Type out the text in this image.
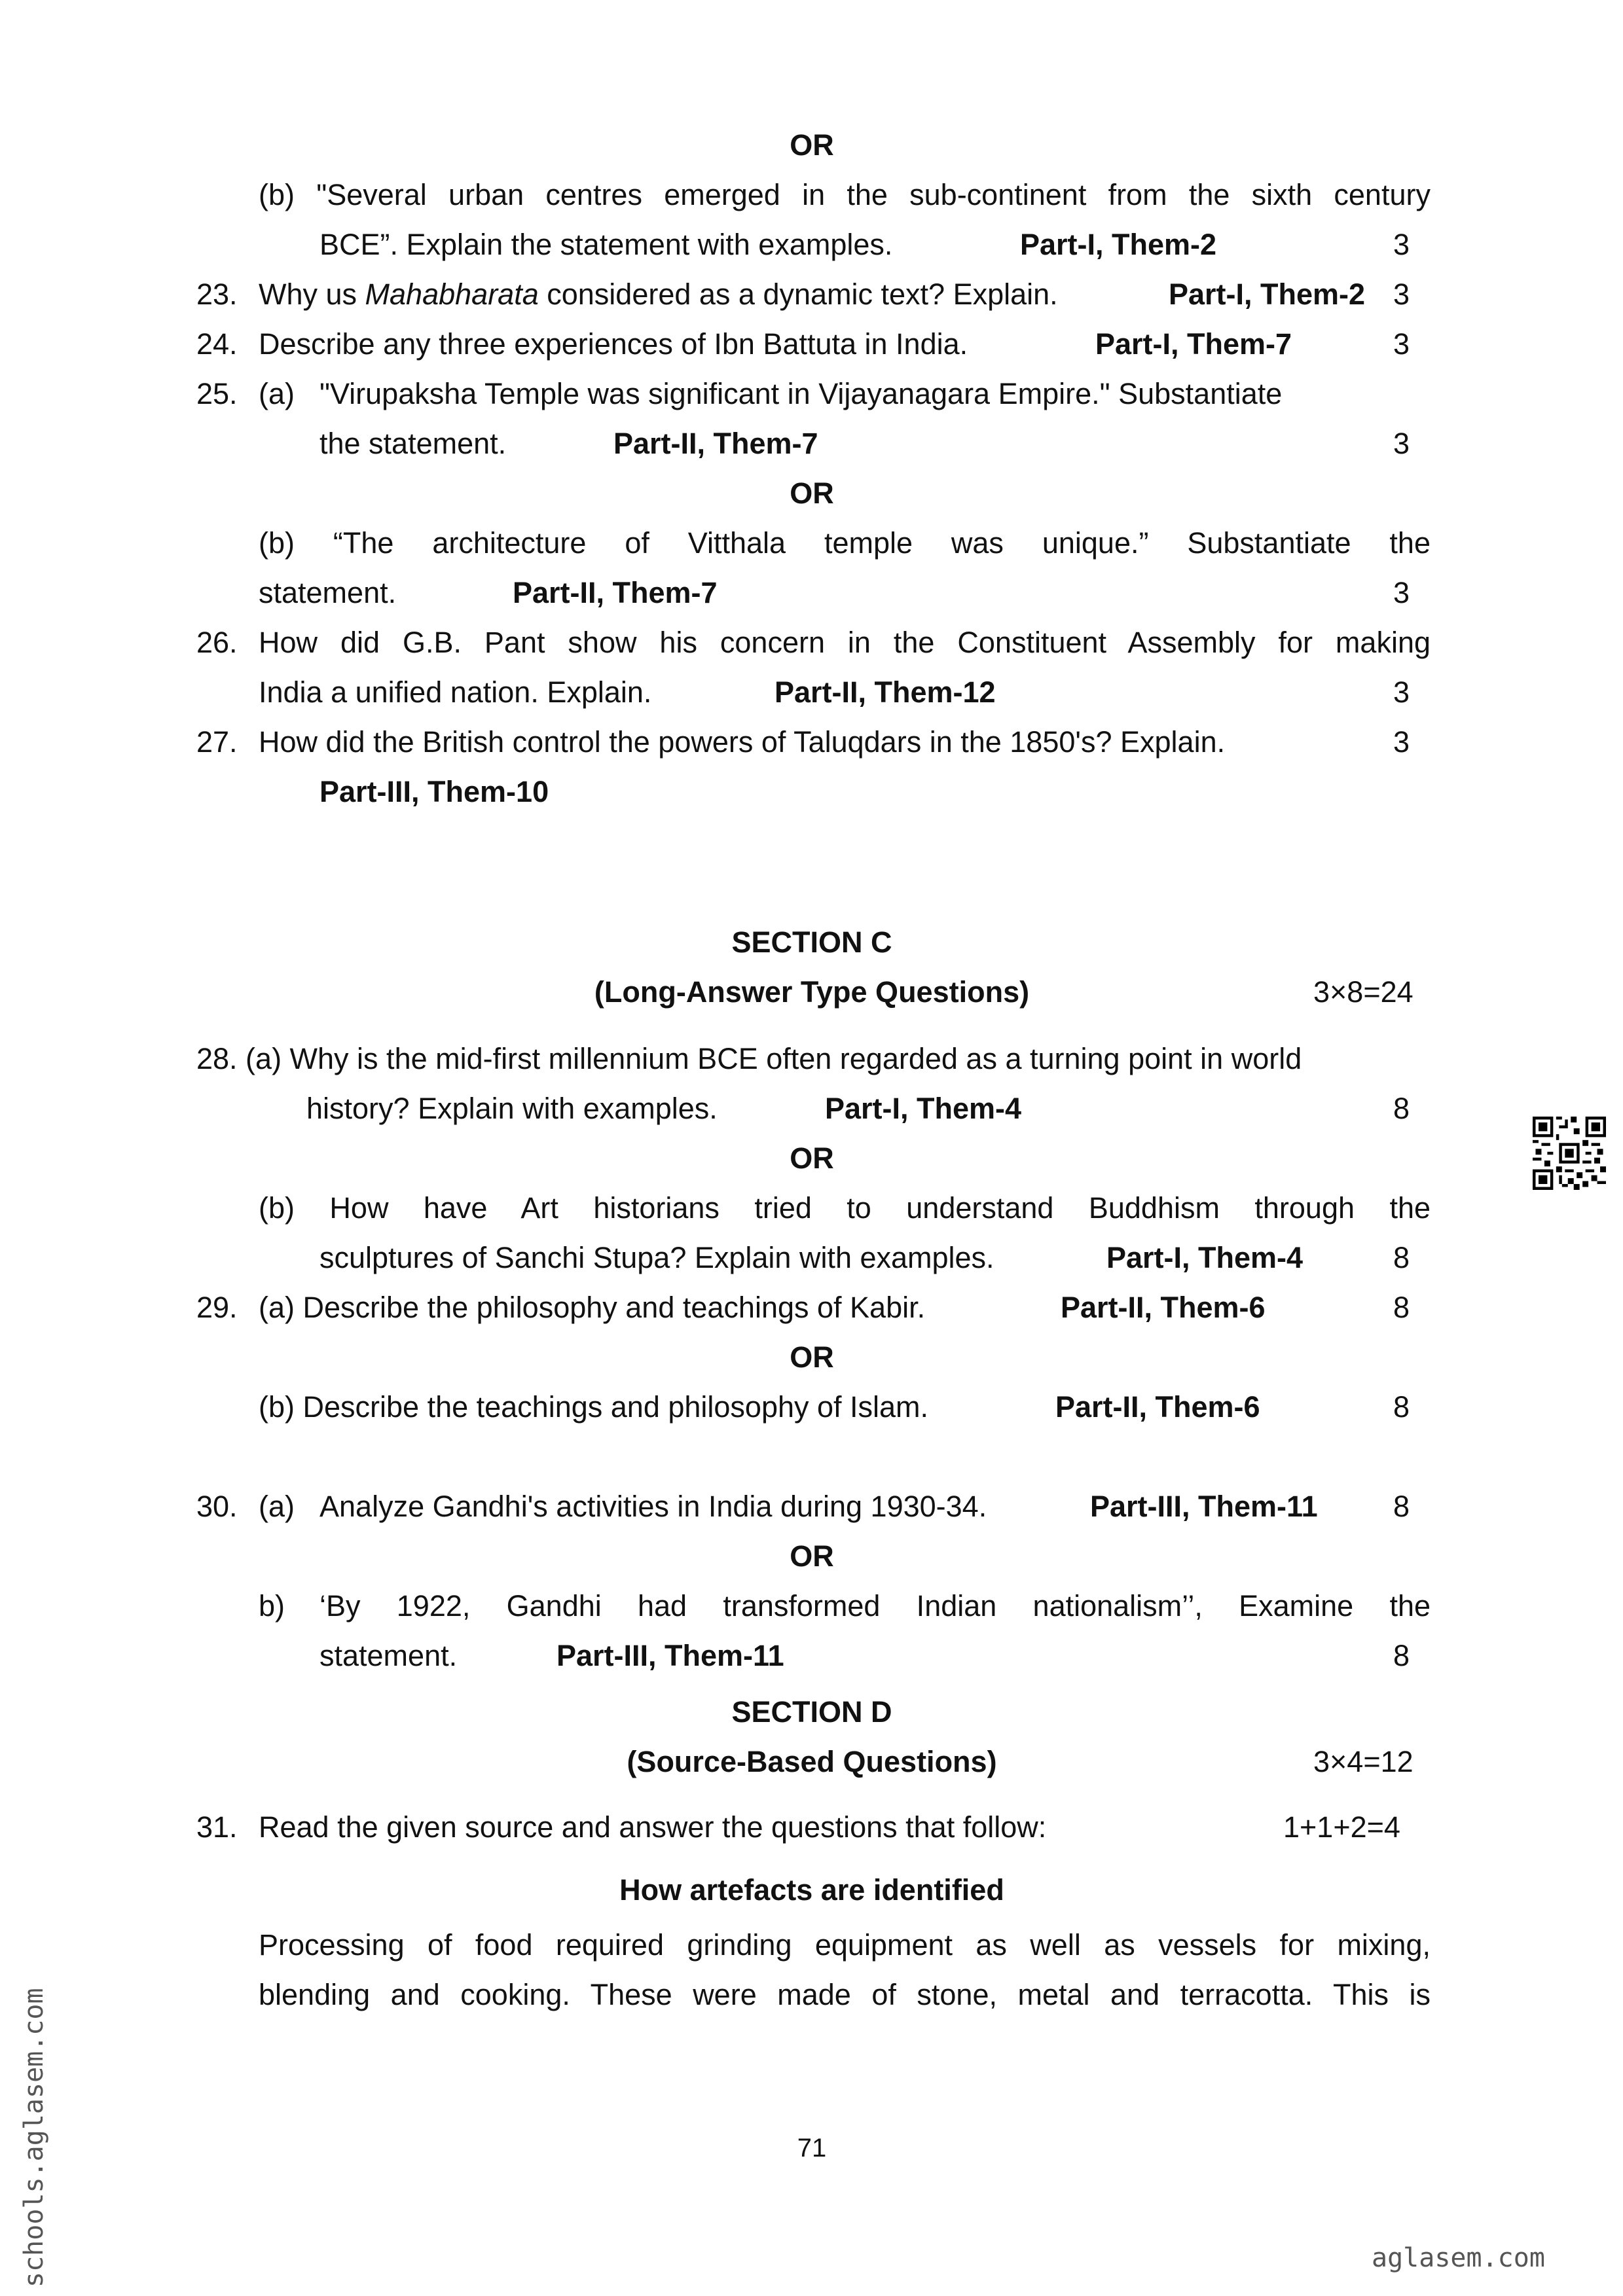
OR
(b) "Several urban centres emerged in the sub-continent from the sixth century
BCE”. Explain the statement with examples.	Part-I, Them-2	3
23. Why us Mahabharata considered as a dynamic text? Explain.	Part-I, Them-2 3
24. Describe any three experiences of Ibn Battuta in India.	Part-I, Them-7	3
25. (a) "Virupaksha Temple was significant in Vijayanagara Empire." Substantiate
the statement.	Part-II, Them-7	3
OR
(b) “The architecture of Vitthala temple was unique.” Substantiate the
statement.	Part-II, Them-7	3
26. How did G.B. Pant show his concern in the Constituent Assembly for making
India a unified nation. Explain.	Part-II, Them-12	3
27. How did the British control the powers of Taluqdars in the 1850's? Explain.	3
Part-III, Them-10
SECTION C
(Long-Answer Type Questions)	3×8=24
28. (a) Why is the mid-first millennium BCE often regarded as a turning point in world
history? Explain with examples.	Part-I, Them-4	8
OR
(b) How have Art historians tried to understand Buddhism through the
sculptures of Sanchi Stupa? Explain with examples.	Part-I, Them-4	8
29. (a) Describe the philosophy and teachings of Kabir.	Part-II, Them-6	8
OR
(b) Describe the teachings and philosophy of Islam.	Part-II, Them-6	8
30. (a) Analyze Gandhi's activities in India during 1930-34.	Part-III, Them-11	8
OR
b) ‘By 1922, Gandhi had transformed Indian nationalism’’, Examine the
statement.	Part-III, Them-11	8
SECTION D
(Source-Based Questions)	3×4=12
31. Read the given source and answer the questions that follow:	1+1+2=4
How artefacts are identified
Processing of food required grinding equipment as well as vessels for mixing,
blending and cooking. These were made of stone, metal and terracotta. This is
71
schools.aglasem.com	aglasem.com
